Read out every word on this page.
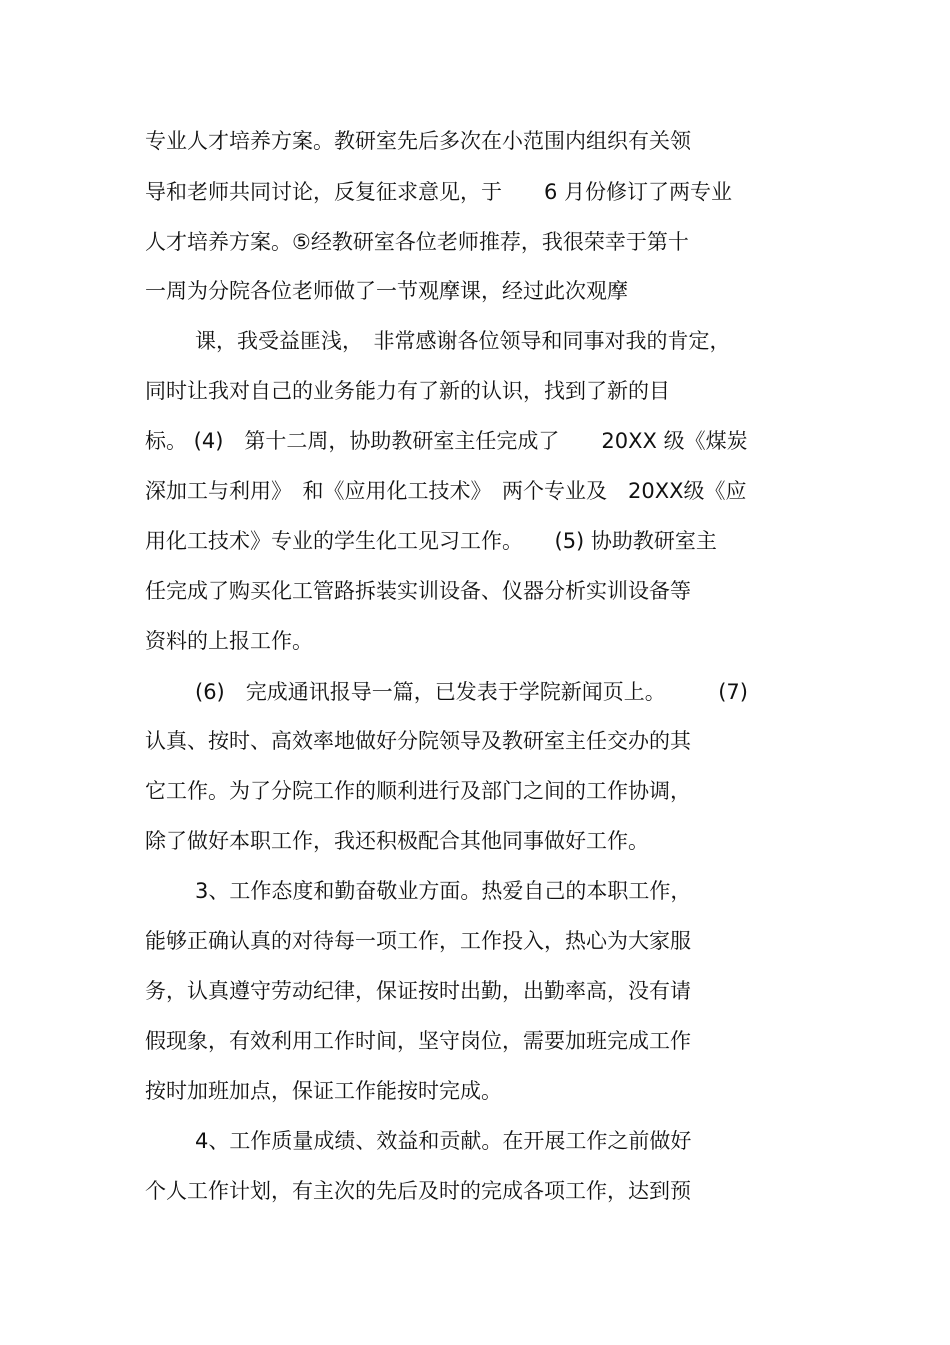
专业人才培养方案。教研室先后多次在小范围内组织有关领
导和老师共同讨论，反复征求意见，于　　6 月份修订了两专业
人才培养方案。⑤经教研室各位老师推荐，我很荣幸于第十
一周为分院各位老师做了一节观摩课，经过此次观摩
课，我受益匪浅，　非常感谢各位领导和同事对我的肯定，
同时让我对自己的业务能力有了新的认识，找到了新的目
标。 (4)　第十二周，协助教研室主任完成了　　20XX 级《煤炭
深加工与利用》　和《应用化工技术》　两个专业及　20XX级《应
用化工技术》专业的学生化工见习工作。　　(5) 协助教研室主
任完成了购买化工管路拆装实训设备、仪器分析实训设备等
资料的上报工作。
(6)　完成通讯报导一篇，已发表于学院新闻页上。　　　(7)
认真、按时、高效率地做好分院领导及教研室主任交办的其
它工作。为了分院工作的顺利进行及部门之间的工作协调，
除了做好本职工作，我还积极配合其他同事做好工作。
3、工作态度和勤奋敬业方面。热爱自己的本职工作，
能够正确认真的对待每一项工作，工作投入，热心为大家服
务，认真遵守劳动纪律，保证按时出勤，出勤率高，没有请
假现象，有效利用工作时间，坚守岗位，需要加班完成工作
按时加班加点，保证工作能按时完成。
4、工作质量成绩、效益和贡献。在开展工作之前做好
个人工作计划，有主次的先后及时的完成各项工作，达到预
